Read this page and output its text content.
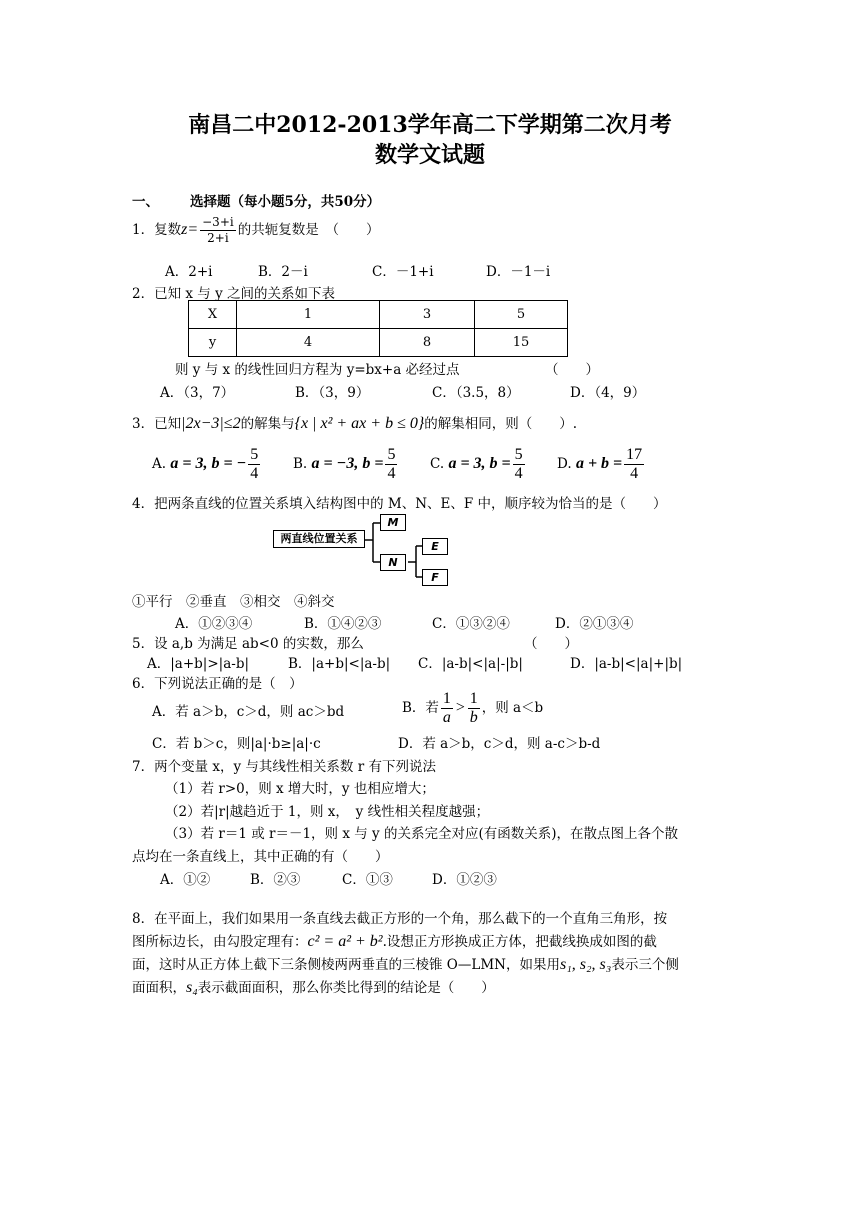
南昌二中2012-2013学年高二下学期第二次月考
数学文试题
一、 选择题（每小题5分，共50分）
1．复数$z= \frac{-3+i}{2+i}$ 的共轭复数是　（　　）
A．2+i	B．2－i	C．－1+i	D．－1－i
2．已知 x 与 y 之间的关系如下表
X	1	3	5
y	4	8	15
则 y 与 x 的线性回归方程为 y=bx+a 必经过点	（　　）
A．（3，7）	B．（3，9）	C．（3.5，8）	D．（4，9）
3．已知|2x−3|≤2的解集与{x | x² + ax + b ≤ 0}的解集相同，则（　　）.
A. a = 3, b = − $\frac{5}{4} B$. a = −3, $b = \frac{5}{4} C$. a = 3, $b = \frac{5}{4} D$. $a + b = \frac{17}{4}$
4．把两条直线的位置关系填入结构图中的 M、N、E、F 中，顺序较为恰当的是（　　）
两直线位置关系
M
N
E
F
①平行　②垂直　③相交　④斜交
A．①②③④	B．①④②③	C．①③②④	D．②①③④
5．设 a,b 为满足 ab<0 的实数，那么	（　　）
A．|a+b|>|a-b|	B．|a+b|<|a-b| C．|a-b|<|a|-|b|	D．|a-b|<|a|+|b|
6．下列说法正确的是（　）
A．若 a＞b，c＞d，则 ac＞bd	B．若 $\frac{1}{a} > \frac{1}{b}$ ，则 a＜b
C．若 b＞c，则|a|·b≥|a|·c	D．若 a＞b，c＞d，则 a-c＞b-d
7．两个变量 x，y 与其线性相关系数 r 有下列说法
（1）若 r>0，则 x 增大时，y 也相应增大；
（2）若|r|越趋近于 1，则 x，　y 线性相关程度越强；
（3）若 r＝1 或 r＝－1，则 x 与 y 的关系完全对应(有函数关系)，在散点图上各个散
点均在一条直线上，其中正确的有（　　）
A．①②	B．②③	C．①③	D．①②③
8．在平面上，我们如果用一条直线去截正方形的一个角，那么截下的一个直角三角形，按
图所标边长，由勾股定理有：c² = a² + b².设想正方形换成正方体，把截线换成如图的截
面，这时从正方体上截下三条侧棱两两垂直的三棱锥 O—LMN，如果用s₁, s₂, s₃表示三个侧
面面积，s₄表示截面面积，那么你类比得到的结论是（　　）
